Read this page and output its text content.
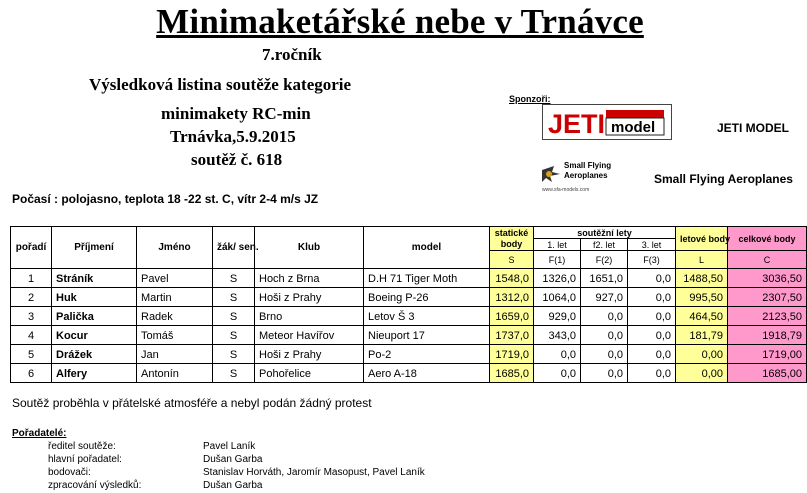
Minimaketářské nebe v Trnávce
7.ročník
Výsledková listina soutěže kategorie
minimakety RC-min
Trnávka,5.9.2015
soutěž č. 618
Sponzoři:
JETI model	JETI MODEL
Small Flying
Aeroplanes
www.sfa-models.com
Small Flying Aeroplanes
Počasí : polojasno, teplota 18 -22 st. C, vítr 2-4 m/s JZ
pořadí	Příjmení	Jméno	žák/ sen.	Klub	model	statické body	soutěžní lety			letové body	celkové body
							1. let	f2. let	3. let		
						S	F(1)	F(2)	F(3)	L	C
1	Stráník	Pavel	S	Hoch z Brna	D.H 71 Tiger Moth	1548,0	1326,0	1651,0	0,0	1488,50	3036,50
2	Huk	Martin	S	Hoši z Prahy	Boeing P-26	1312,0	1064,0	927,0	0,0	995,50	2307,50
3	Palička	Radek	S	Brno	Letov Š 3	1659,0	929,0	0,0	0,0	464,50	2123,50
4	Kocur	Tomáš	S	Meteor Havířov	Nieuport 17	1737,0	343,0	0,0	0,0	181,79	1918,79
5	Drážek	Jan	S	Hoši z Prahy	Po-2	1719,0	0,0	0,0	0,0	0,00	1719,00
6	Alfery	Antonín	S	Pohořelice	Aero A-18	1685,0	0,0	0,0	0,0	0,00	1685,00
Soutěž proběhla v přátelské atmosféře a nebyl podán žádný protest
Pořadatelé:
ředitel soutěže:	Pavel Laník
hlavní pořadatel:	Dušan Garba
bodovači:	Stanislav Horváth, Jaromír Masopust, Pavel Laník
zpracování výsledků:	Dušan Garba
